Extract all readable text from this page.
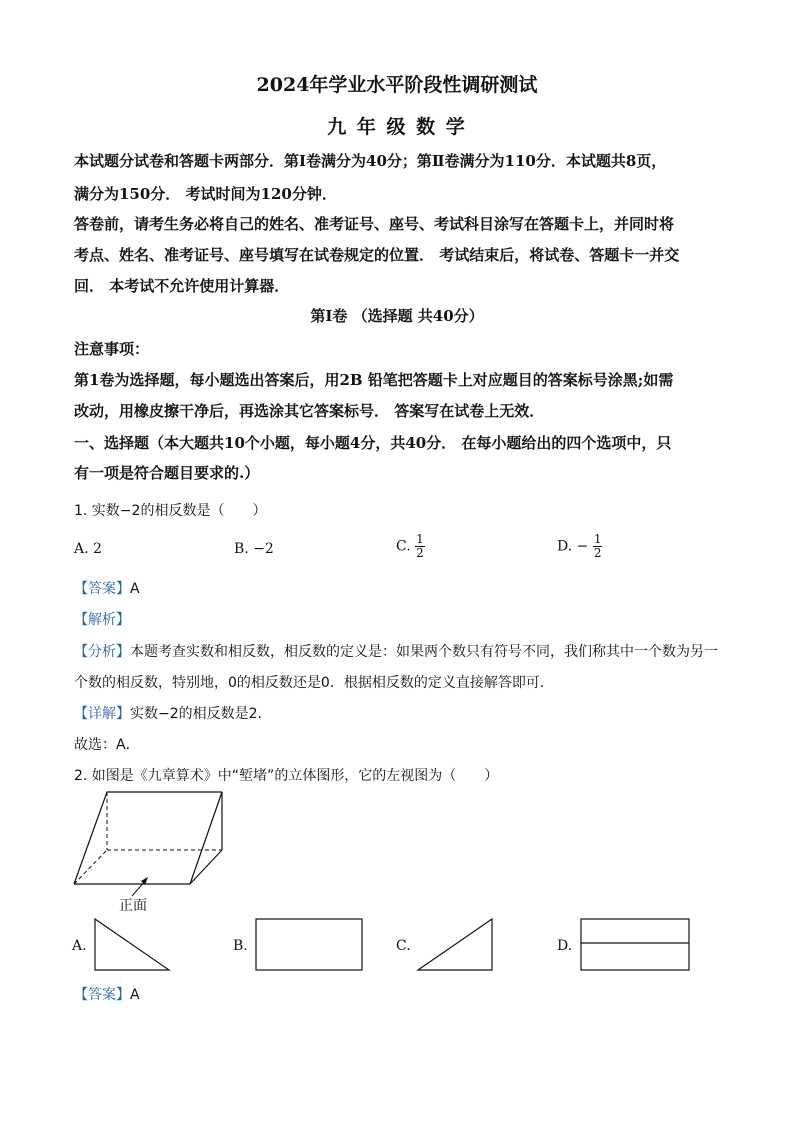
2024年学业水平阶段性调研测试
九 年 级 数 学
本试题分试卷和答题卡两部分．第Ⅰ卷满分为40分；第Ⅱ卷满分为110分．本试题共8页，
满分为150分． 考试时间为120分钟．
答卷前，请考生务必将自己的姓名、准考证号、座号、考试科目涂写在答题卡上，并同时将
考点、姓名、准考证号、座号填写在试卷规定的位置． 考试结束后，将试卷、答题卡一并交
回． 本考试不允许使用计算器．
第Ⅰ卷 （选择题 共40分）
注意事项：
第1卷为选择题，每小题选出答案后，用2B 铅笔把答题卡上对应题目的答案标号涂黑;如需
改动，用橡皮擦干净后，再选涂其它答案标号． 答案写在试卷上无效．
一、选择题（本大题共10个小题，每小题4分，共40分． 在每小题给出的四个选项中，只
有一项是符合题目要求的.）
1. 实数−2的相反数是（　　）
A. 2	B. −2	C. $\frac{1}{2}$	D. − $\frac{1}{2}$
【答案】A
【解析】
【分析】本题考查实数和相反数，相反数的定义是：如果两个数只有符号不同，我们称其中一个数为另一
个数的相反数，特别地，0的相反数还是0．根据相反数的定义直接解答即可．
【详解】实数−2的相反数是2．
故选：A．
2. 如图是《九章算术》中“堑堵”的立体图形，它的左视图为（　　）
正面
A.	B.	C.	D.
【答案】A
